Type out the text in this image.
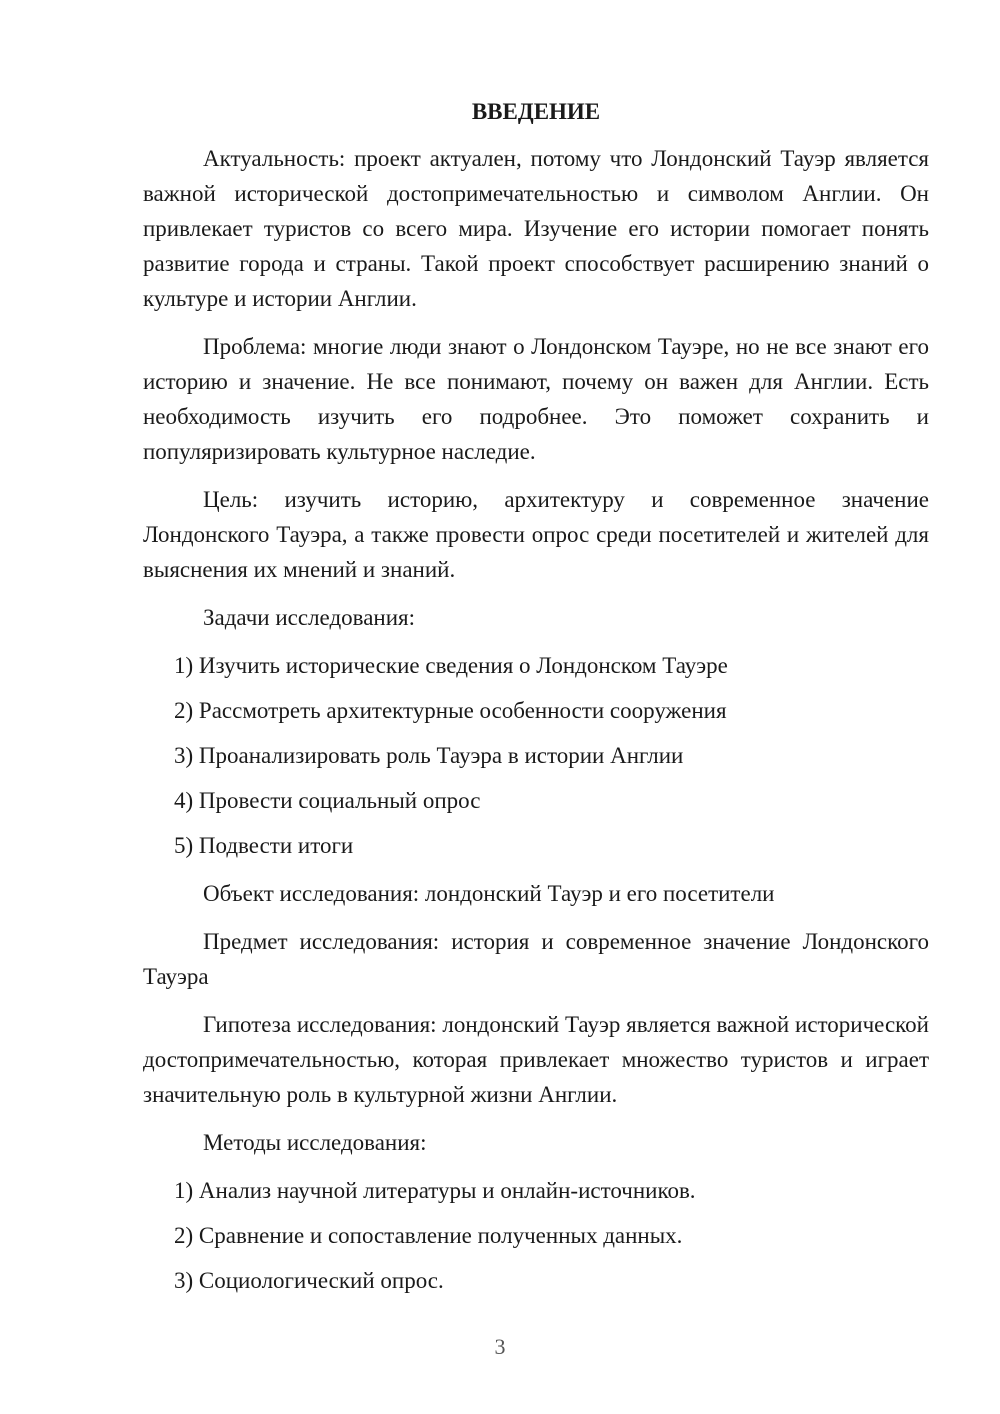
ВВЕДЕНИЕ

Актуальность: проект актуален, потому что Лондонский Тауэр является важной исторической достопримечательностью и символом Англии. Он привлекает туристов со всего мира. Изучение его истории помогает понять развитие города и страны. Такой проект способствует расширению знаний о культуре и истории Англии.

Проблема: многие люди знают о Лондонском Тауэре, но не все знают его историю и значение. Не все понимают, почему он важен для Англии. Есть необходимость изучить его подробнее. Это поможет сохранить и популяризировать культурное наследие.

Цель: изучить историю, архитектуру и современное значение Лондонского Тауэра, а также провести опрос среди посетителей и жителей для выяснения их мнений и знаний.

Задачи исследования:

1) Изучить исторические сведения о Лондонском Тауэре
2) Рассмотреть архитектурные особенности сооружения
3) Проанализировать роль Тауэра в истории Англии
4) Провести социальный опрос
5) Подвести итоги

Объект исследования: лондонский Тауэр и его посетители

Предмет исследования: история и современное значение Лондонского Тауэра

Гипотеза исследования: лондонский Тауэр является важной исторической достопримечательностью, которая привлекает множество туристов и играет значительную роль в культурной жизни Англии.

Методы исследования:

1) Анализ научной литературы и онлайн-источников.
2) Сравнение и сопоставление полученных данных.
3) Социологический опрос.
3
